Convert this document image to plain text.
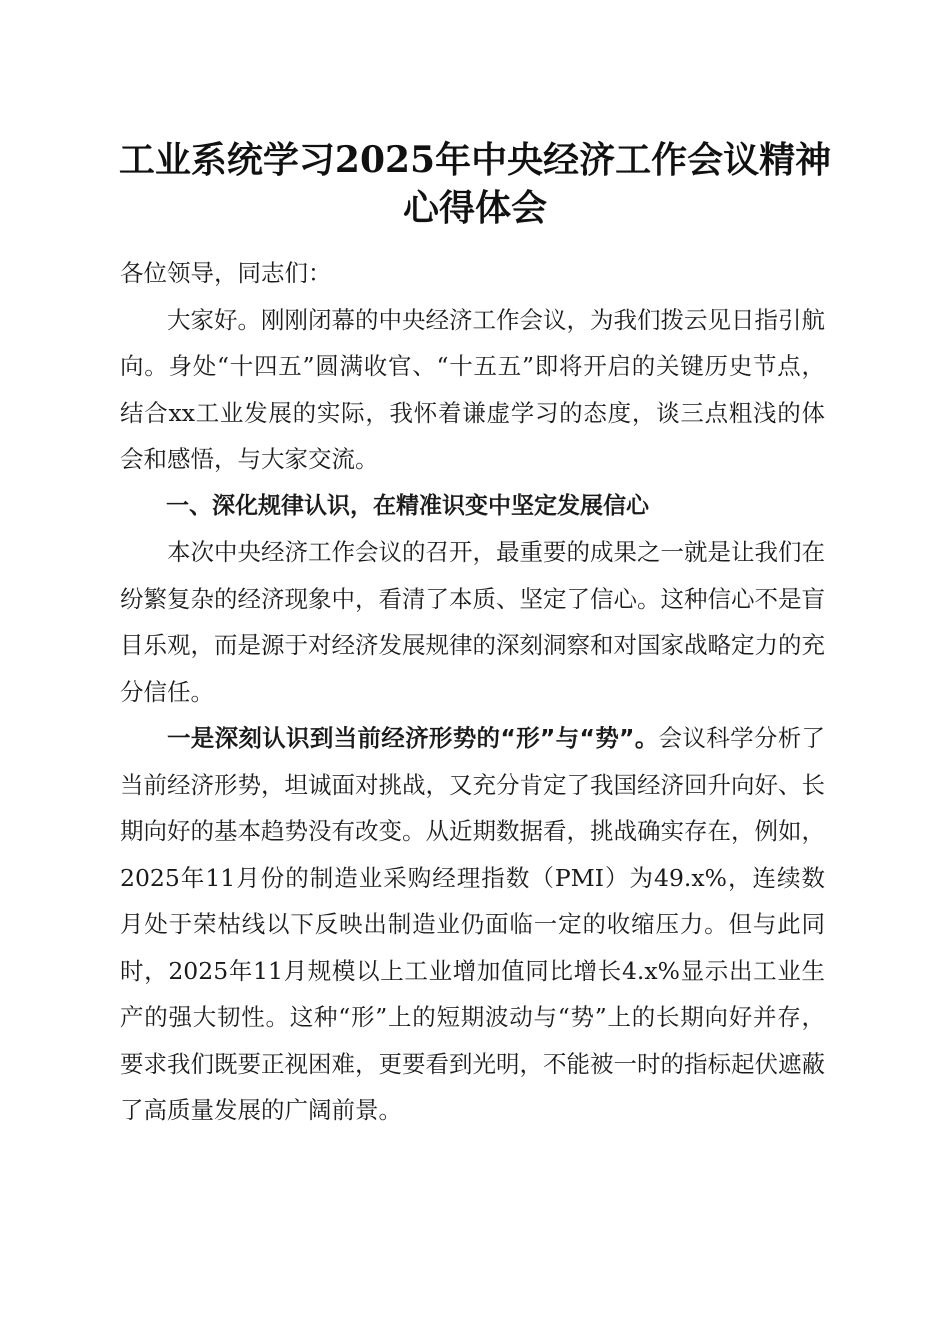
工业系统学习2025年中央经济工作会议精神
心得体会

各位领导，同志们：

大家好。刚刚闭幕的中央经济工作会议，为我们拨云见日指引航向。身处“十四五”圆满收官、“十五五”即将开启的关键历史节点，结合xx工业发展的实际，我怀着谦虚学习的态度，谈三点粗浅的体会和感悟，与大家交流。

一、深化规律认识，在精准识变中坚定发展信心

本次中央经济工作会议的召开，最重要的成果之一就是让我们在纷繁复杂的经济现象中，看清了本质、坚定了信心。这种信心不是盲目乐观，而是源于对经济发展规律的深刻洞察和对国家战略定力的充分信任。

一是深刻认识到当前经济形势的“形”与“势”。会议科学分析了当前经济形势，坦诚面对挑战，又充分肯定了我国经济回升向好、长期向好的基本趋势没有改变。从近期数据看，挑战确实存在，例如，2025年11月份的制造业采购经理指数（PMI）为49.x%，连续数月处于荣枯线以下反映出制造业仍面临一定的收缩压力。但与此同时，2025年11月规模以上工业增加值同比增长4.x%显示出工业生产的强大韧性。这种“形”上的短期波动与“势”上的长期向好并存，要求我们既要正视困难，更要看到光明，不能被一时的指标起伏遮蔽了高质量发展的广阔前景。
